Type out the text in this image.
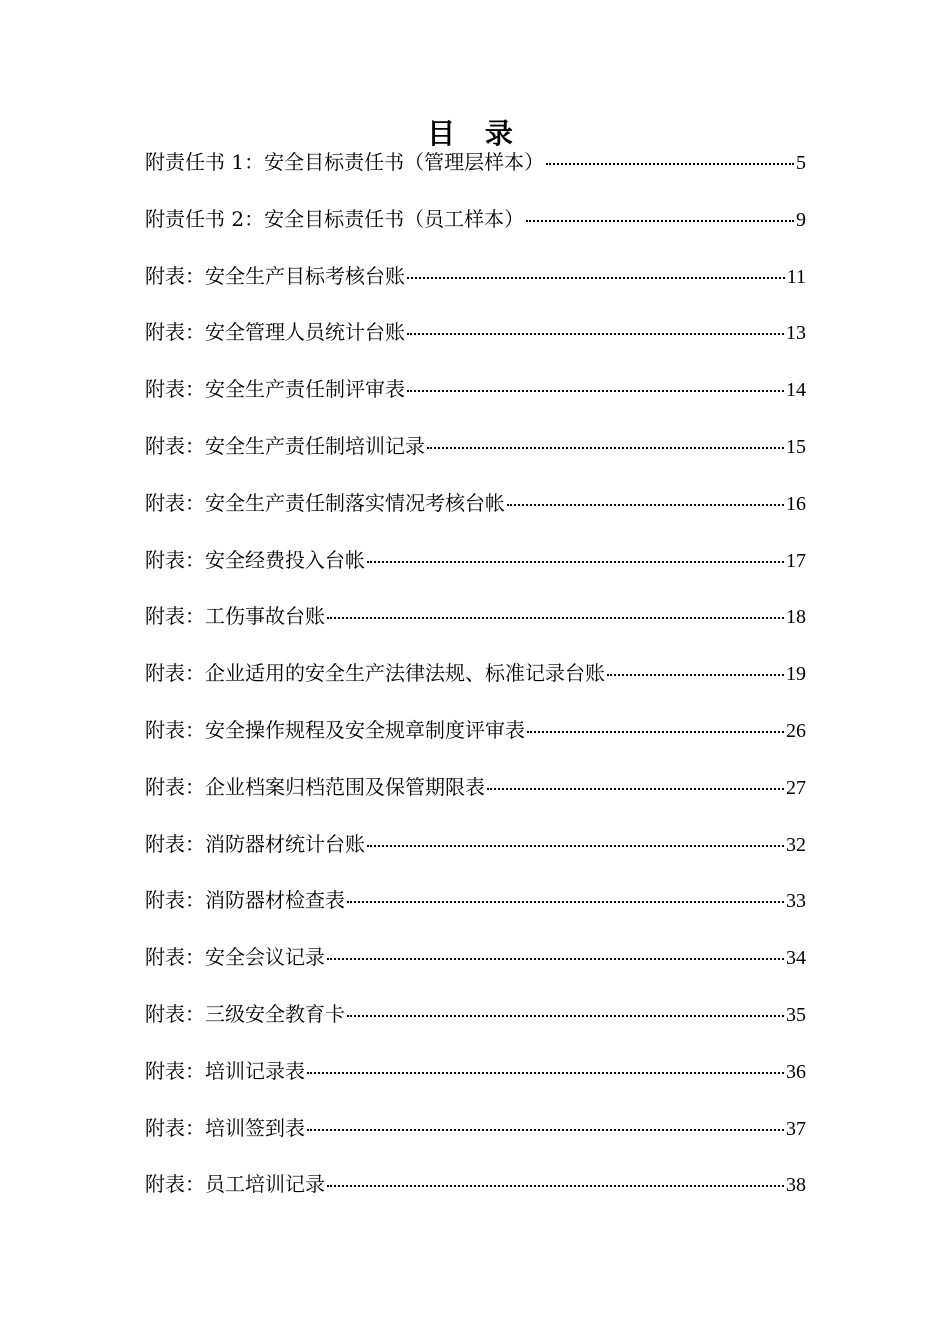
目 录
附责任书 1：安全目标责任书（管理层样本）	5
附责任书 2：安全目标责任书（员工样本）	9
附表：安全生产目标考核台账	11
附表：安全管理人员统计台账	13
附表：安全生产责任制评审表	14
附表：安全生产责任制培训记录	15
附表：安全生产责任制落实情况考核台帐	16
附表：安全经费投入台帐	17
附表：工伤事故台账	18
附表：企业适用的安全生产法律法规、标准记录台账	19
附表：安全操作规程及安全规章制度评审表	26
附表：企业档案归档范围及保管期限表	27
附表：消防器材统计台账	32
附表：消防器材检查表	33
附表：安全会议记录	34
附表：三级安全教育卡	35
附表：培训记录表	36
附表：培训签到表	37
附表：员工培训记录	38
